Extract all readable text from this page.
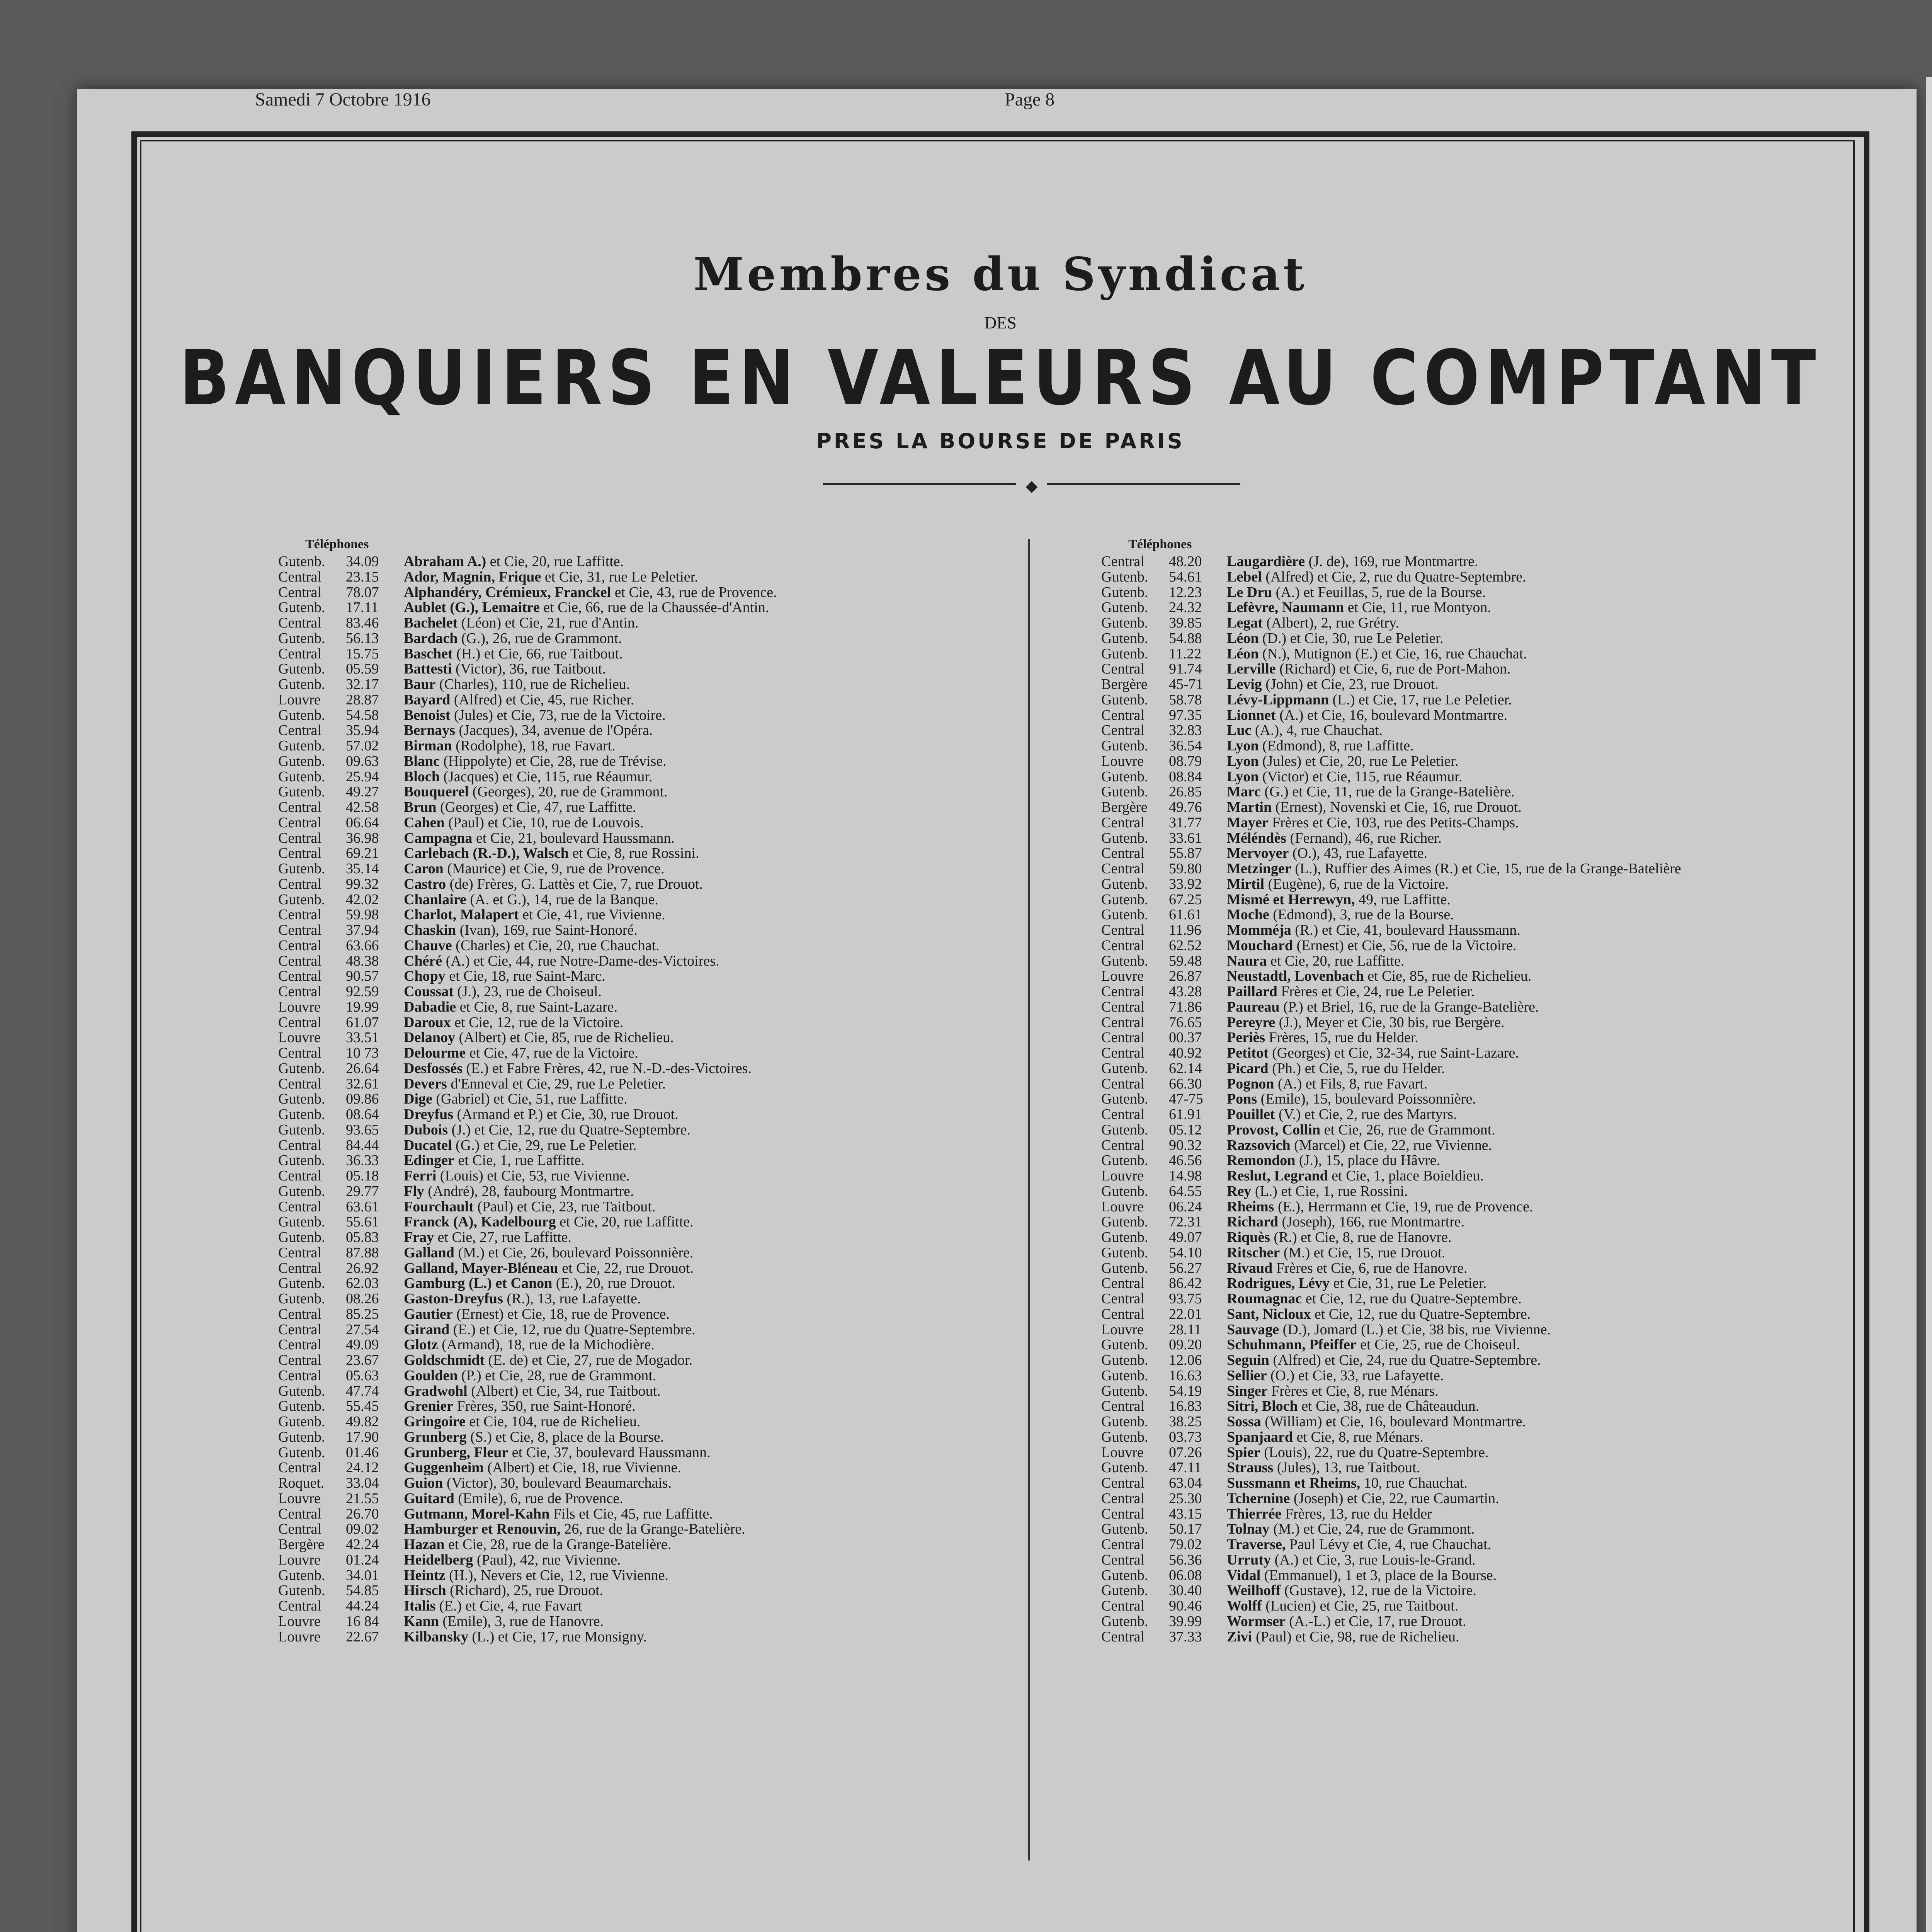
Samedi 7 Octobre 1916	Page 8
Membres du Syndicat
DES
BANQUIERS EN VALEURS AU COMPTANT
PRES LA BOURSE DE PARIS
◆
Téléphones
Gutenb. 34.09 Abraham A.) et Cie, 20, rue Laffitte.
Central 23.15 Ador, Magnin, Frique et Cie, 31, rue Le Peletier.
Central 78.07 Alphandéry, Crémieux, Franckel et Cie, 43, rue de Provence.
Gutenb. 17.11 Aublet (G.), Lemaitre et Cie, 66, rue de la Chaussée-d'Antin.
Central 83.46 Bachelet (Léon) et Cie, 21, rue d'Antin.
Gutenb. 56.13 Bardach (G.), 26, rue de Grammont.
Central 15.75 Baschet (H.) et Cie, 66, rue Taitbout.
Gutenb. 05.59 Battesti (Victor), 36, rue Taitbout.
Gutenb. 32.17 Baur (Charles), 110, rue de Richelieu.
Louvre 28.87 Bayard (Alfred) et Cie, 45, rue Richer.
Gutenb. 54.58 Benoist (Jules) et Cie, 73, rue de la Victoire.
Central 35.94 Bernays (Jacques), 34, avenue de l'Opéra.
Gutenb. 57.02 Birman (Rodolphe), 18, rue Favart.
Gutenb. 09.63 Blanc (Hippolyte) et Cie, 28, rue de Trévise.
Gutenb. 25.94 Bloch (Jacques) et Cie, 115, rue Réaumur.
Gutenb. 49.27 Bouquerel (Georges), 20, rue de Grammont.
Central 42.58 Brun (Georges) et Cie, 47, rue Laffitte.
Central 06.64 Cahen (Paul) et Cie, 10, rue de Louvois.
Central 36.98 Campagna et Cie, 21, boulevard Haussmann.
Central 69.21 Carlebach (R.-D.), Walsch et Cie, 8, rue Rossini.
Gutenb. 35.14 Caron (Maurice) et Cie, 9, rue de Provence.
Central 99.32 Castro (de) Frères, G. Lattès et Cie, 7, rue Drouot.
Gutenb. 42.02 Chanlaire (A. et G.), 14, rue de la Banque.
Central 59.98 Charlot, Malapert et Cie, 41, rue Vivienne.
Central 37.94 Chaskin (Ivan), 169, rue Saint-Honoré.
Central 63.66 Chauve (Charles) et Cie, 20, rue Chauchat.
Central 48.38 Chéré (A.) et Cie, 44, rue Notre-Dame-des-Victoires.
Central 90.57 Chopy et Cie, 18, rue Saint-Marc.
Central 92.59 Coussat (J.), 23, rue de Choiseul.
Louvre 19.99 Dabadie et Cie, 8, rue Saint-Lazare.
Central 61.07 Daroux et Cie, 12, rue de la Victoire.
Louvre 33.51 Delanoy (Albert) et Cie, 85, rue de Richelieu.
Central 10 73 Delourme et Cie, 47, rue de la Victoire.
Gutenb. 26.64 Desfossés (E.) et Fabre Frères, 42, rue N.-D.-des-Victoires.
Central 32.61 Devers d'Enneval et Cie, 29, rue Le Peletier.
Gutenb. 09.86 Dige (Gabriel) et Cie, 51, rue Laffitte.
Gutenb. 08.64 Dreyfus (Armand et P.) et Cie, 30, rue Drouot.
Gutenb. 93.65 Dubois (J.) et Cie, 12, rue du Quatre-Septembre.
Central 84.44 Ducatel (G.) et Cie, 29, rue Le Peletier.
Gutenb. 36.33 Edinger et Cie, 1, rue Laffitte.
Central 05.18 Ferri (Louis) et Cie, 53, rue Vivienne.
Gutenb. 29.77 Fly (André), 28, faubourg Montmartre.
Central 63.61 Fourchault (Paul) et Cie, 23, rue Taitbout.
Gutenb. 55.61 Franck (A), Kadelbourg et Cie, 20, rue Laffitte.
Gutenb. 05.83 Fray et Cie, 27, rue Laffitte.
Central 87.88 Galland (M.) et Cie, 26, boulevard Poissonnière.
Central 26.92 Galland, Mayer-Bléneau et Cie, 22, rue Drouot.
Gutenb. 62.03 Gamburg (L.) et Canon (E.), 20, rue Drouot.
Gutenb. 08.26 Gaston-Dreyfus (R.), 13, rue Lafayette.
Central 85.25 Gautier (Ernest) et Cie, 18, rue de Provence.
Central 27.54 Girand (E.) et Cie, 12, rue du Quatre-Septembre.
Central 49.09 Glotz (Armand), 18, rue de la Michodière.
Central 23.67 Goldschmidt (E. de) et Cie, 27, rue de Mogador.
Central 05.63 Goulden (P.) et Cie, 28, rue de Grammont.
Gutenb. 47.74 Gradwohl (Albert) et Cie, 34, rue Taitbout.
Gutenb. 55.45 Grenier Frères, 350, rue Saint-Honoré.
Gutenb. 49.82 Gringoire et Cie, 104, rue de Richelieu.
Gutenb. 17.90 Grunberg (S.) et Cie, 8, place de la Bourse.
Gutenb. 01.46 Grunberg, Fleur et Cie, 37, boulevard Haussmann.
Central 24.12 Guggenheim (Albert) et Cie, 18, rue Vivienne.
Roquet. 33.04 Guion (Victor), 30, boulevard Beaumarchais.
Louvre 21.55 Guitard (Emile), 6, rue de Provence.
Central 26.70 Gutmann, Morel-Kahn Fils et Cie, 45, rue Laffitte.
Central 09.02 Hamburger et Renouvin, 26, rue de la Grange-Batelière.
Bergère 42.24 Hazan et Cie, 28, rue de la Grange-Batelière.
Louvre 01.24 Heidelberg (Paul), 42, rue Vivienne.
Gutenb. 34.01 Heintz (H.), Nevers et Cie, 12, rue Vivienne.
Gutenb. 54.85 Hirsch (Richard), 25, rue Drouot.
Central 44.24 Italis (E.) et Cie, 4, rue Favart
Louvre 16 84 Kann (Emile), 3, rue de Hanovre.
Louvre 22.67 Kilbansky (L.) et Cie, 17, rue Monsigny.
Téléphones
Central 48.20 Laugardière (J. de), 169, rue Montmartre.
Gutenb. 54.61 Lebel (Alfred) et Cie, 2, rue du Quatre-Septembre.
Gutenb. 12.23 Le Dru (A.) et Feuillas, 5, rue de la Bourse.
Gutenb. 24.32 Lefèvre, Naumann et Cie, 11, rue Montyon.
Gutenb. 39.85 Legat (Albert), 2, rue Grétry.
Gutenb. 54.88 Léon (D.) et Cie, 30, rue Le Peletier.
Gutenb. 11.22 Léon (N.), Mutignon (E.) et Cie, 16, rue Chauchat.
Central 91.74 Lerville (Richard) et Cie, 6, rue de Port-Mahon.
Bergère 45-71 Levig (John) et Cie, 23, rue Drouot.
Gutenb. 58.78 Lévy-Lippmann (L.) et Cie, 17, rue Le Peletier.
Central 97.35 Lionnet (A.) et Cie, 16, boulevard Montmartre.
Central 32.83 Luc (A.), 4, rue Chauchat.
Gutenb. 36.54 Lyon (Edmond), 8, rue Laffitte.
Louvre 08.79 Lyon (Jules) et Cie, 20, rue Le Peletier.
Gutenb. 08.84 Lyon (Victor) et Cie, 115, rue Réaumur.
Gutenb. 26.85 Marc (G.) et Cie, 11, rue de la Grange-Batelière.
Bergère 49.76 Martin (Ernest), Novenski et Cie, 16, rue Drouot.
Central 31.77 Mayer Frères et Cie, 103, rue des Petits-Champs.
Gutenb. 33.61 Méléndès (Fernand), 46, rue Richer.
Central 55.87 Mervoyer (O.), 43, rue Lafayette.
Central 59.80 Metzinger (L.), Ruffier des Aimes (R.) et Cie, 15, rue de la Grange-Batelière
Gutenb. 33.92 Mirtil (Eugène), 6, rue de la Victoire.
Gutenb. 67.25 Mismé et Herrewyn, 49, rue Laffitte.
Gutenb. 61.61 Moche (Edmond), 3, rue de la Bourse.
Central 11.96 Momméja (R.) et Cie, 41, boulevard Haussmann.
Central 62.52 Mouchard (Ernest) et Cie, 56, rue de la Victoire.
Gutenb. 59.48 Naura et Cie, 20, rue Laffitte.
Louvre 26.87 Neustadtl, Lovenbach et Cie, 85, rue de Richelieu.
Central 43.28 Paillard Frères et Cie, 24, rue Le Peletier.
Central 71.86 Paureau (P.) et Briel, 16, rue de la Grange-Batelière.
Central 76.65 Pereyre (J.), Meyer et Cie, 30 bis, rue Bergère.
Central 00.37 Periès Frères, 15, rue du Helder.
Central 40.92 Petitot (Georges) et Cie, 32-34, rue Saint-Lazare.
Gutenb. 62.14 Picard (Ph.) et Cie, 5, rue du Helder.
Central 66.30 Pognon (A.) et Fils, 8, rue Favart.
Gutenb. 47-75 Pons (Emile), 15, boulevard Poissonnière.
Central 61.91 Pouillet (V.) et Cie, 2, rue des Martyrs.
Gutenb. 05.12 Provost, Collin et Cie, 26, rue de Grammont.
Central 90.32 Razsovich (Marcel) et Cie, 22, rue Vivienne.
Gutenb. 46.56 Remondon (J.), 15, place du Hâvre.
Louvre 14.98 Reslut, Legrand et Cie, 1, place Boieldieu.
Gutenb. 64.55 Rey (L.) et Cie, 1, rue Rossini.
Louvre 06.24 Rheims (E.), Herrmann et Cie, 19, rue de Provence.
Gutenb. 72.31 Richard (Joseph), 166, rue Montmartre.
Gutenb. 49.07 Riquès (R.) et Cie, 8, rue de Hanovre.
Gutenb. 54.10 Ritscher (M.) et Cie, 15, rue Drouot.
Gutenb. 56.27 Rivaud Frères et Cie, 6, rue de Hanovre.
Central 86.42 Rodrigues, Lévy et Cie, 31, rue Le Peletier.
Central 93.75 Roumagnac et Cie, 12, rue du Quatre-Septembre.
Central 22.01 Sant, Nicloux et Cie, 12, rue du Quatre-Septembre.
Louvre 28.11 Sauvage (D.), Jomard (L.) et Cie, 38 bis, rue Vivienne.
Gutenb. 09.20 Schuhmann, Pfeiffer et Cie, 25, rue de Choiseul.
Gutenb. 12.06 Seguin (Alfred) et Cie, 24, rue du Quatre-Septembre.
Gutenb. 16.63 Sellier (O.) et Cie, 33, rue Lafayette.
Gutenb. 54.19 Singer Frères et Cie, 8, rue Ménars.
Central 16.83 Sitri, Bloch et Cie, 38, rue de Châteaudun.
Gutenb. 38.25 Sossa (William) et Cie, 16, boulevard Montmartre.
Gutenb. 03.73 Spanjaard et Cie, 8, rue Ménars.
Louvre 07.26 Spier (Louis), 22, rue du Quatre-Septembre.
Gutenb. 47.11 Strauss (Jules), 13, rue Taitbout.
Central 63.04 Sussmann et Rheims, 10, rue Chauchat.
Central 25.30 Tchernine (Joseph) et Cie, 22, rue Caumartin.
Central 43.15 Thierrée Frères, 13, rue du Helder
Gutenb. 50.17 Tolnay (M.) et Cie, 24, rue de Grammont.
Central 79.02 Traverse, Paul Lévy et Cie, 4, rue Chauchat.
Central 56.36 Urruty (A.) et Cie, 3, rue Louis-le-Grand.
Gutenb. 06.08 Vidal (Emmanuel), 1 et 3, place de la Bourse.
Gutenb. 30.40 Weilhoff (Gustave), 12, rue de la Victoire.
Central 90.46 Wolff (Lucien) et Cie, 25, rue Taitbout.
Gutenb. 39.99 Wormser (A.-L.) et Cie, 17, rue Drouot.
Central 37.33 Zivi (Paul) et Cie, 98, rue de Richelieu.
